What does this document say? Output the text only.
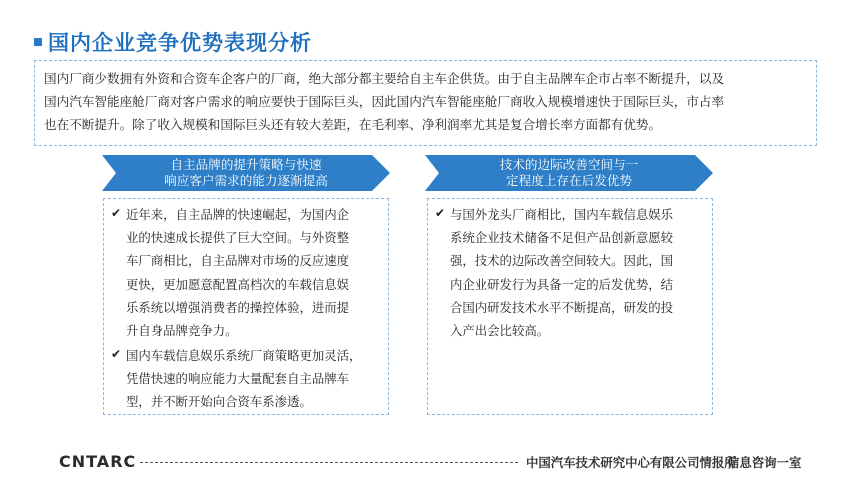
国内企业竞争优势表现分析
国内厂商少数拥有外资和合资车企客户的厂商，绝大部分都主要给自主车企供货。由于自主品牌车企市占率不断提升，以及
国内汽车智能座舱厂商对客户需求的响应要快于国际巨头，因此国内汽车智能座舱厂商收入规模增速快于国际巨头，市占率
也在不断提升。除了收入规模和国际巨头还有较大差距，在毛利率、净利润率尤其是复合增长率方面都有优势。
自主品牌的提升策略与快速
响应客户需求的能力逐渐提高
技术的边际改善空间与一
定程度上存在后发优势
✔ 近年来，自主品牌的快速崛起，为国内企
业的快速成长提供了巨大空间。与外资整
车厂商相比，自主品牌对市场的反应速度
更快，更加愿意配置高档次的车载信息娱
乐系统以增强消费者的操控体验，进而提
升自身品牌竞争力。
✔ 国内车载信息娱乐系统厂商策略更加灵活，
凭借快速的响应能力大量配套自主品牌车
型，并不断开始向合资车系渗透。
✔ 与国外龙头厂商相比，国内车载信息娱乐
系统企业技术储备不足但产品创新意愿较
强，技术的边际改善空间较大。因此，国
内企业研发行为具备一定的后发优势，结
合国内研发技术水平不断提高，研发的投
入产出会比较高。
CNTARC	中国汽车技术研究中心有限公司情报所
信息咨询一室
